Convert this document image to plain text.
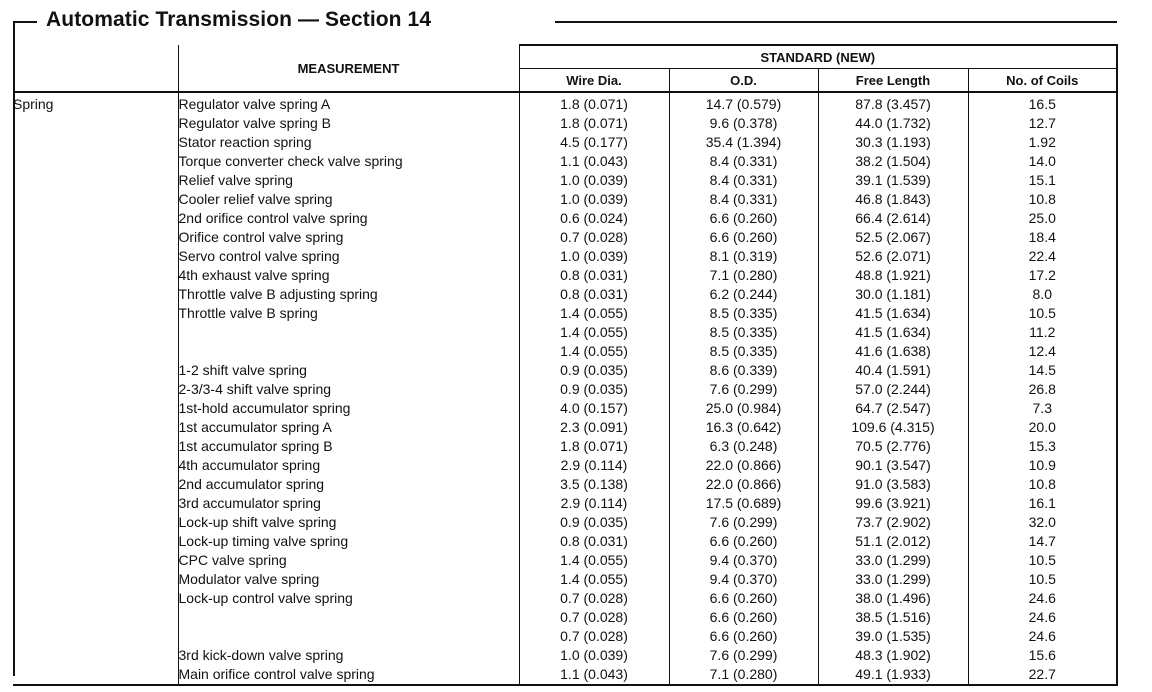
Automatic Transmission — Section 14
	MEASUREMENT	STANDARD (NEW)			
		Wire Dia.	O.D.	Free Length	No. of Coils
Spring	Regulator valve spring A	1.8 (0.071)	14.7 (0.579)	87.8 (3.457)	16.5
	Regulator valve spring B	1.8 (0.071)	9.6 (0.378)	44.0 (1.732)	12.7
	Stator reaction spring	4.5 (0.177)	35.4 (1.394)	30.3 (1.193)	1.92
	Torque converter check valve spring	1.1 (0.043)	8.4 (0.331)	38.2 (1.504)	14.0
	Relief valve spring	1.0 (0.039)	8.4 (0.331)	39.1 (1.539)	15.1
	Cooler relief valve spring	1.0 (0.039)	8.4 (0.331)	46.8 (1.843)	10.8
	2nd orifice control valve spring	0.6 (0.024)	6.6 (0.260)	66.4 (2.614)	25.0
	Orifice control valve spring	0.7 (0.028)	6.6 (0.260)	52.5 (2.067)	18.4
	Servo control valve spring	1.0 (0.039)	8.1 (0.319)	52.6 (2.071)	22.4
	4th exhaust valve spring	0.8 (0.031)	7.1 (0.280)	48.8 (1.921)	17.2
	Throttle valve B adjusting spring	0.8 (0.031)	6.2 (0.244)	30.0 (1.181)	8.0
	Throttle valve B spring	1.4 (0.055)	8.5 (0.335)	41.5 (1.634)	10.5
		1.4 (0.055)	8.5 (0.335)	41.5 (1.634)	11.2
		1.4 (0.055)	8.5 (0.335)	41.6 (1.638)	12.4
	1-2 shift valve spring	0.9 (0.035)	8.6 (0.339)	40.4 (1.591)	14.5
	2-3/3-4 shift valve spring	0.9 (0.035)	7.6 (0.299)	57.0 (2.244)	26.8
	1st-hold accumulator spring	4.0 (0.157)	25.0 (0.984)	64.7 (2.547)	7.3
	1st accumulator spring A	2.3 (0.091)	16.3 (0.642)	109.6 (4.315)	20.0
	1st accumulator spring B	1.8 (0.071)	6.3 (0.248)	70.5 (2.776)	15.3
	4th accumulator spring	2.9 (0.114)	22.0 (0.866)	90.1 (3.547)	10.9
	2nd accumulator spring	3.5 (0.138)	22.0 (0.866)	91.0 (3.583)	10.8
	3rd accumulator spring	2.9 (0.114)	17.5 (0.689)	99.6 (3.921)	16.1
	Lock-up shift valve spring	0.9 (0.035)	7.6 (0.299)	73.7 (2.902)	32.0
	Lock-up timing valve spring	0.8 (0.031)	6.6 (0.260)	51.1 (2.012)	14.7
	CPC valve spring	1.4 (0.055)	9.4 (0.370)	33.0 (1.299)	10.5
	Modulator valve spring	1.4 (0.055)	9.4 (0.370)	33.0 (1.299)	10.5
	Lock-up control valve spring	0.7 (0.028)	6.6 (0.260)	38.0 (1.496)	24.6
		0.7 (0.028)	6.6 (0.260)	38.5 (1.516)	24.6
		0.7 (0.028)	6.6 (0.260)	39.0 (1.535)	24.6
	3rd kick-down valve spring	1.0 (0.039)	7.6 (0.299)	48.3 (1.902)	15.6
	Main orifice control valve spring	1.1 (0.043)	7.1 (0.280)	49.1 (1.933)	22.7
